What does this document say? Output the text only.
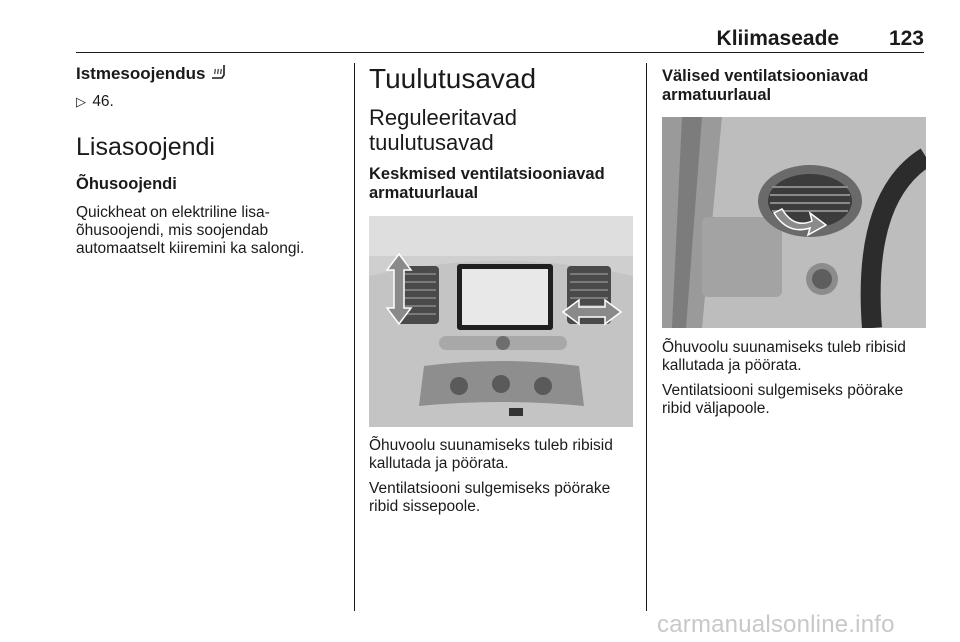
Kliimaseade 123
Istmesoojendus
▷ 46.
Lisasoojendi
Õhusoojendi
Quickheat on elektriline lisa-
õhusoojendi, mis soojendab
automaatselt kiiremini ka salongi.
Tuulutusavad
Reguleeritavad
tuulutusavad
Keskmised ventilatsiooniavad
armatuurlaual
Õhuvoolu suunamiseks tuleb ribisid
kallutada ja pöörata.
Ventilatsiooni sulgemiseks pöörake
ribid sissepoole.
Välised ventilatsiooniavad
armatuurlaual
Õhuvoolu suunamiseks tuleb ribisid
kallutada ja pöörata.
Ventilatsiooni sulgemiseks pöörake
ribid väljapoole.
carmanualsonline.info
